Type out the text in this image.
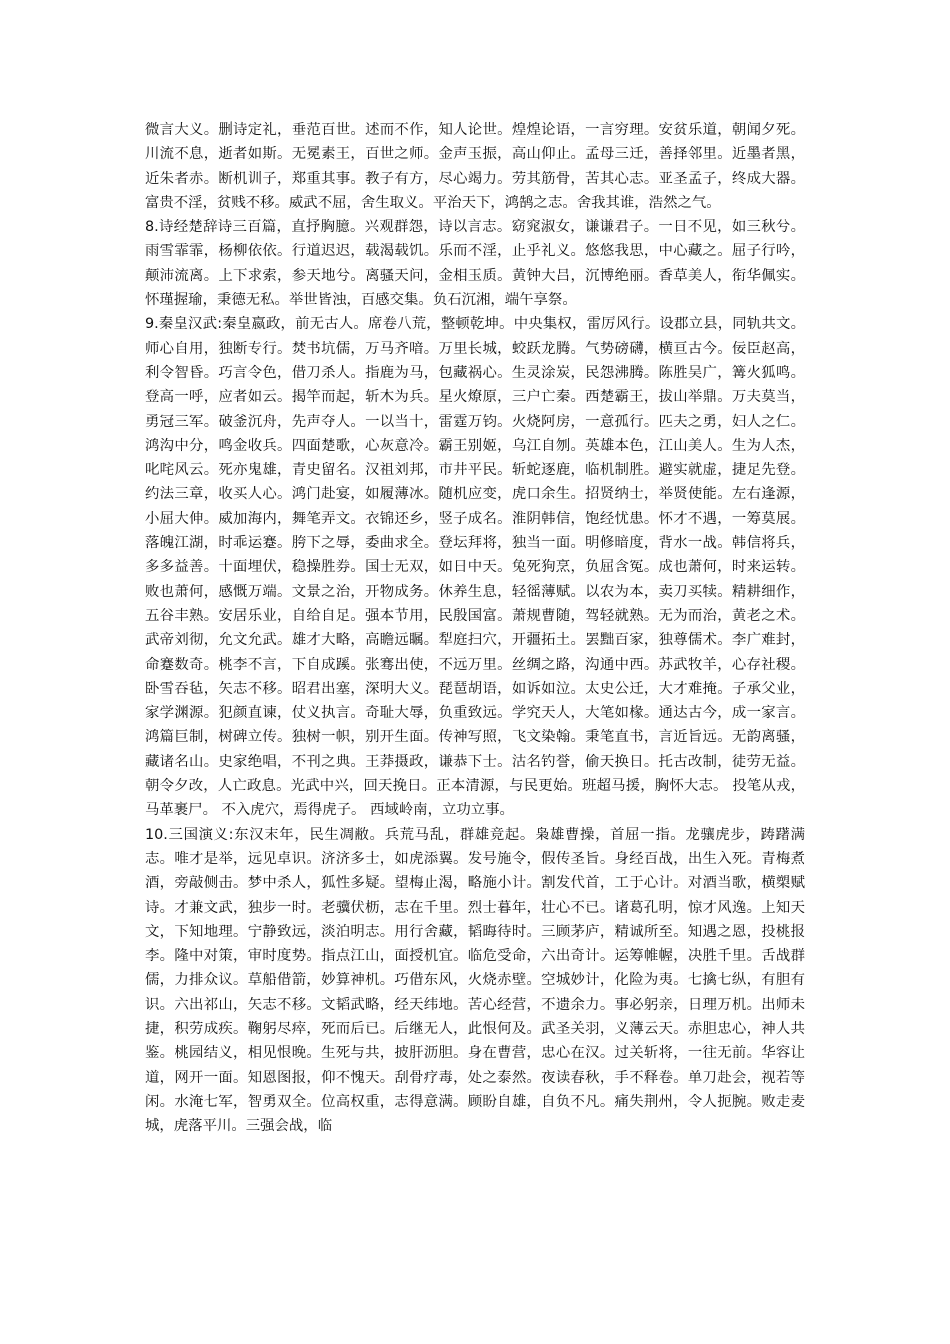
微言大义。删诗定礼，垂范百世。述而不作，知人论世。煌煌论语，一言穷理。安贫乐道，朝闻夕死。川流不息，逝者如斯。无冕素王，百世之师。金声玉振，高山仰止。孟母三迁，善择邻里。近墨者黑，近朱者赤。断机训子，郑重其事。教子有方，尽心竭力。劳其筋骨，苦其心志。亚圣孟子，终成大器。富贵不淫，贫贱不移。威武不屈，舍生取义。平治天下，鸿鹄之志。舍我其谁，浩然之气。

8.诗经楚辞诗三百篇，直抒胸臆。兴观群怨，诗以言志。窈窕淑女，谦谦君子。一日不见，如三秋兮。雨雪霏霏，杨柳依依。行道迟迟，载渴载饥。乐而不淫，止乎礼义。悠悠我思，中心藏之。屈子行吟，颠沛流离。上下求索，参天地兮。离骚天问，金相玉质。黄钟大吕，沉博绝丽。香草美人，衔华佩实。怀瑾握瑜，秉德无私。举世皆浊，百感交集。负石沉湘，端午享祭。

9.秦皇汉武:秦皇嬴政，前无古人。席卷八荒，整顿乾坤。中央集权，雷厉风行。设郡立县，同轨共文。师心自用，独断专行。焚书坑儒，万马齐喑。万里长城，蛟跃龙腾。气势磅礴，横亘古今。佞臣赵高，利令智昏。巧言令色，借刀杀人。指鹿为马，包藏祸心。生灵涂炭，民怨沸腾。陈胜吴广，篝火狐鸣。登高一呼，应者如云。揭竿而起，斩木为兵。星火燎原，三户亡秦。西楚霸王，拔山举鼎。万夫莫当，勇冠三军。破釜沉舟，先声夺人。一以当十，雷霆万钧。火烧阿房，一意孤行。匹夫之勇，妇人之仁。鸿沟中分，鸣金收兵。四面楚歌，心灰意冷。霸王别姬，乌江自刎。英雄本色，江山美人。生为人杰，叱咤风云。死亦鬼雄，青史留名。汉祖刘邦，市井平民。斩蛇逐鹿，临机制胜。避实就虚，捷足先登。约法三章，收买人心。鸿门赴宴，如履薄冰。随机应变，虎口余生。招贤纳士，举贤使能。左右逢源，小屈大伸。威加海内，舞笔弄文。衣锦还乡，竖子成名。淮阴韩信，饱经忧患。怀才不遇，一筹莫展。落魄江湖，时乖运蹇。胯下之辱，委曲求全。登坛拜将，独当一面。明修暗度，背水一战。韩信将兵，多多益善。十面埋伏，稳操胜券。国士无双，如日中天。兔死狗烹，负屈含冤。成也萧何，时来运转。败也萧何，感慨万端。文景之治，开物成务。休养生息，轻徭薄赋。以农为本，卖刀买犊。精耕细作，五谷丰熟。安居乐业，自给自足。强本节用，民殷国富。萧规曹随，驾轻就熟。无为而治，黄老之术。武帝刘彻，允文允武。雄才大略，高瞻远瞩。犁庭扫穴，开疆拓土。罢黜百家，独尊儒术。李广难封，命蹇数奇。桃李不言，下自成蹊。张骞出使，不远万里。丝绸之路，沟通中西。苏武牧羊，心存社稷。卧雪吞毡，矢志不移。昭君出塞，深明大义。琵琶胡语，如诉如泣。太史公迁，大才难掩。子承父业，家学渊源。犯颜直谏，仗义执言。奇耻大辱，负重致远。学究天人，大笔如椽。通达古今，成一家言。鸿篇巨制，树碑立传。独树一帜，别开生面。传神写照，飞文染翰。秉笔直书，言近旨远。无韵离骚，藏诸名山。史家绝唱，不刊之典。王莽摄政，谦恭下士。沽名钓誉，偷天换日。托古改制，徒劳无益。朝令夕改，人亡政息。光武中兴，回天挽日。正本清源，与民更始。班超马援，胸怀大志。 投笔从戎，马革裹尸。 不入虎穴，焉得虎子。 西域岭南，立功立事。

10.三国演义:东汉末年，民生凋敝。兵荒马乱，群雄竞起。枭雄曹操，首屈一指。龙骧虎步，踌躇满志。唯才是举，远见卓识。济济多士，如虎添翼。发号施令，假传圣旨。身经百战，出生入死。青梅煮酒，旁敲侧击。梦中杀人，狐性多疑。望梅止渴，略施小计。割发代首，工于心计。对酒当歌，横槊赋诗。才兼文武，独步一时。老骥伏枥，志在千里。烈士暮年，壮心不已。诸葛孔明，惊才风逸。上知天文，下知地理。宁静致远，淡泊明志。用行舍藏，韬晦待时。三顾茅庐，精诚所至。知遇之恩，投桃报李。隆中对策，审时度势。指点江山，面授机宜。临危受命，六出奇计。运筹帷幄，决胜千里。舌战群儒，力排众议。草船借箭，妙算神机。巧借东风，火烧赤壁。空城妙计，化险为夷。七擒七纵，有胆有识。六出祁山，矢志不移。文韬武略，经天纬地。苦心经营，不遗余力。事必躬亲，日理万机。出师未捷，积劳成疾。鞠躬尽瘁，死而后已。后继无人，此恨何及。武圣关羽，义薄云天。赤胆忠心，神人共鉴。桃园结义，相见恨晚。生死与共，披肝沥胆。身在曹营，忠心在汉。过关斩将，一往无前。华容让道，网开一面。知恩图报，仰不愧天。刮骨疗毒，处之泰然。夜读春秋，手不释卷。单刀赴会，视若等闲。水淹七军，智勇双全。位高权重，志得意满。顾盼自雄，自负不凡。痛失荆州，令人扼腕。败走麦城，虎落平川。三强会战，临
